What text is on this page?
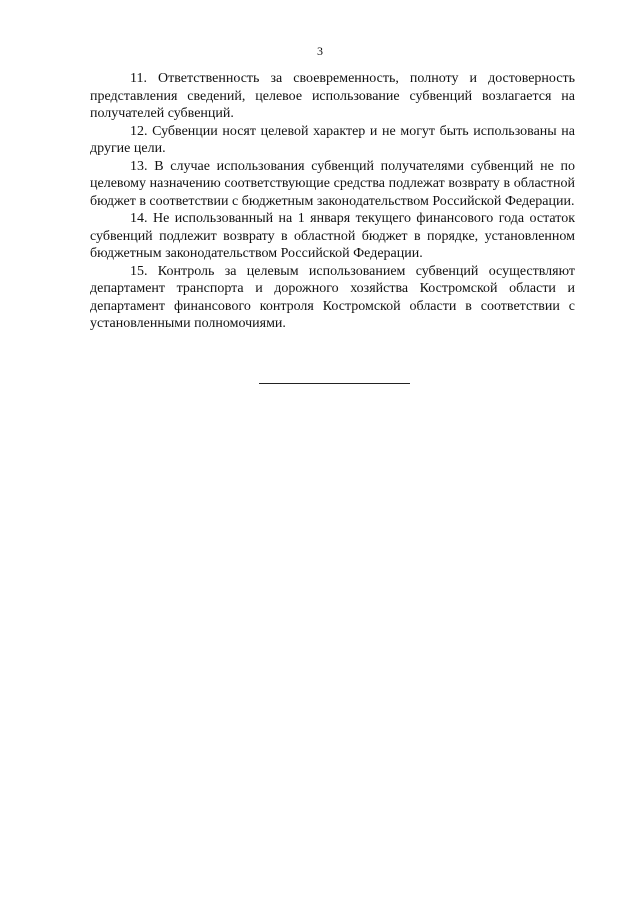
3

11. Ответственность за своевременность, полноту и достоверность представления сведений, целевое использование субвенций возлагается на получателей субвенций.

12. Субвенции носят целевой характер и не могут быть использованы на другие цели.

13. В случае использования субвенций получателями субвенций не по целевому назначению соответствующие средства подлежат возврату в областной бюджет в соответствии с бюджетным законодательством Российской Федерации.

14. Не использованный на 1 января текущего финансового года остаток субвенций подлежит возврату в областной бюджет в порядке, установленном бюджетным законодательством Российской Федерации.

15. Контроль за целевым использованием субвенций осуществляют департамент транспорта и дорожного хозяйства Костромской области и департамент финансового контроля Костромской области в соответствии с установленными полномочиями.
